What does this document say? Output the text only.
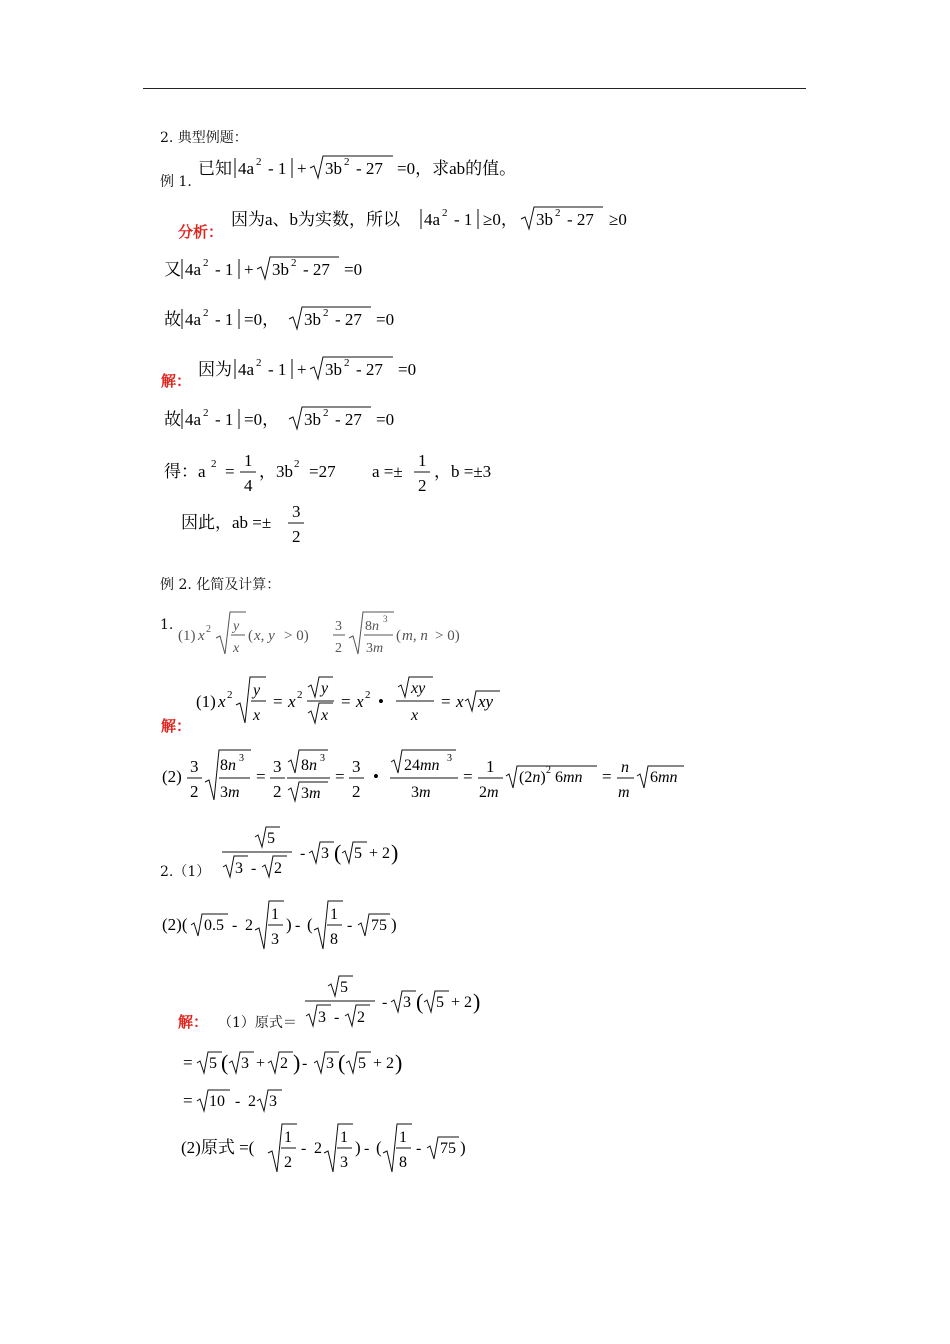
2. 典型例题：
例 1.
已知 4a 2 - 1 + 3b 2 - 27 =0，求ab的值。
分析：
因为a、b为实数，所以 4a 2 - 1 ≥0， 3b 2 - 27 ≥0
又 4a 2 - 1 + 3b 2 - 27 =0
故 4a 2 - 1 =0， 3b 2 - 27 =0
解：
因为 4a 2 - 1 + 3b 2 - 27 =0
故 4a 2 - 1 =0， 3b 2 - 27 =0
得：a 2 =
1
4
，3b 2 =27 a =±
1
2
，b =±3
因此，ab =±
3
2
例 2. 化简及计算：
1.
(1) x 2 y
x
( x, y > 0)
3
2
8n 3
3m
( m, n > 0)
解：
(1) x 2 y
x
= x 2 y
x
= x 2 •
xy
x
= x xy
(2)
3
2
8n 3
3m
=
3
2
8n 3
3m
=
3
2
•
24mn 3
3m
=
1
2m
(2n) 2 6mn = n
m
6mn
2.（1）
5
3 - 2
- 3 ( 5 + 2 )
(2)( 0.5 - 2
1
3
) - (
1
8
- 75 )
解： （1）原式＝
5
3 - 2
- 3 ( 5 + 2 )
= 5 ( 3 + 2 ) - 3 ( 5 + 2 )
= 10 - 2 3
(2)原式 =(
1
2
- 2
1
3
) - (
1
8
- 75 )
